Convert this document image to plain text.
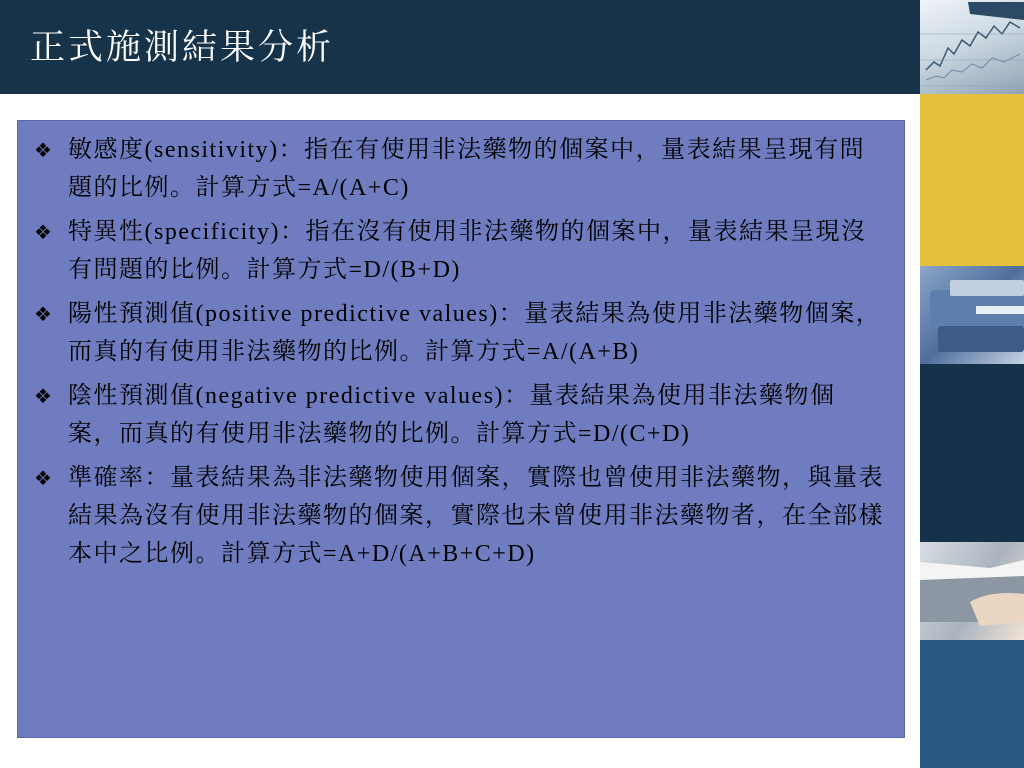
正式施測結果分析
❖ 敏感度(sensitivity)：指在有使用非法藥物的個案中，量表結果呈現有問題的比例。計算方式=A/(A+C)
❖ 特異性(specificity)：指在沒有使用非法藥物的個案中，量表結果呈現沒有問題的比例。計算方式=D/(B+D)
❖ 陽性預測值(positive predictive values)：量表結果為使用非法藥物個案，而真的有使用非法藥物的比例。計算方式=A/(A+B)
❖ 陰性預測值(negative predictive values)：量表結果為使用非法藥物個案，而真的有使用非法藥物的比例。計算方式=D/(C+D)
❖ 準確率：量表結果為非法藥物使用個案，實際也曾使用非法藥物，與量表結果為沒有使用非法藥物的個案，實際也未曾使用非法藥物者，在全部樣本中之比例。計算方式=A+D/(A+B+C+D)
